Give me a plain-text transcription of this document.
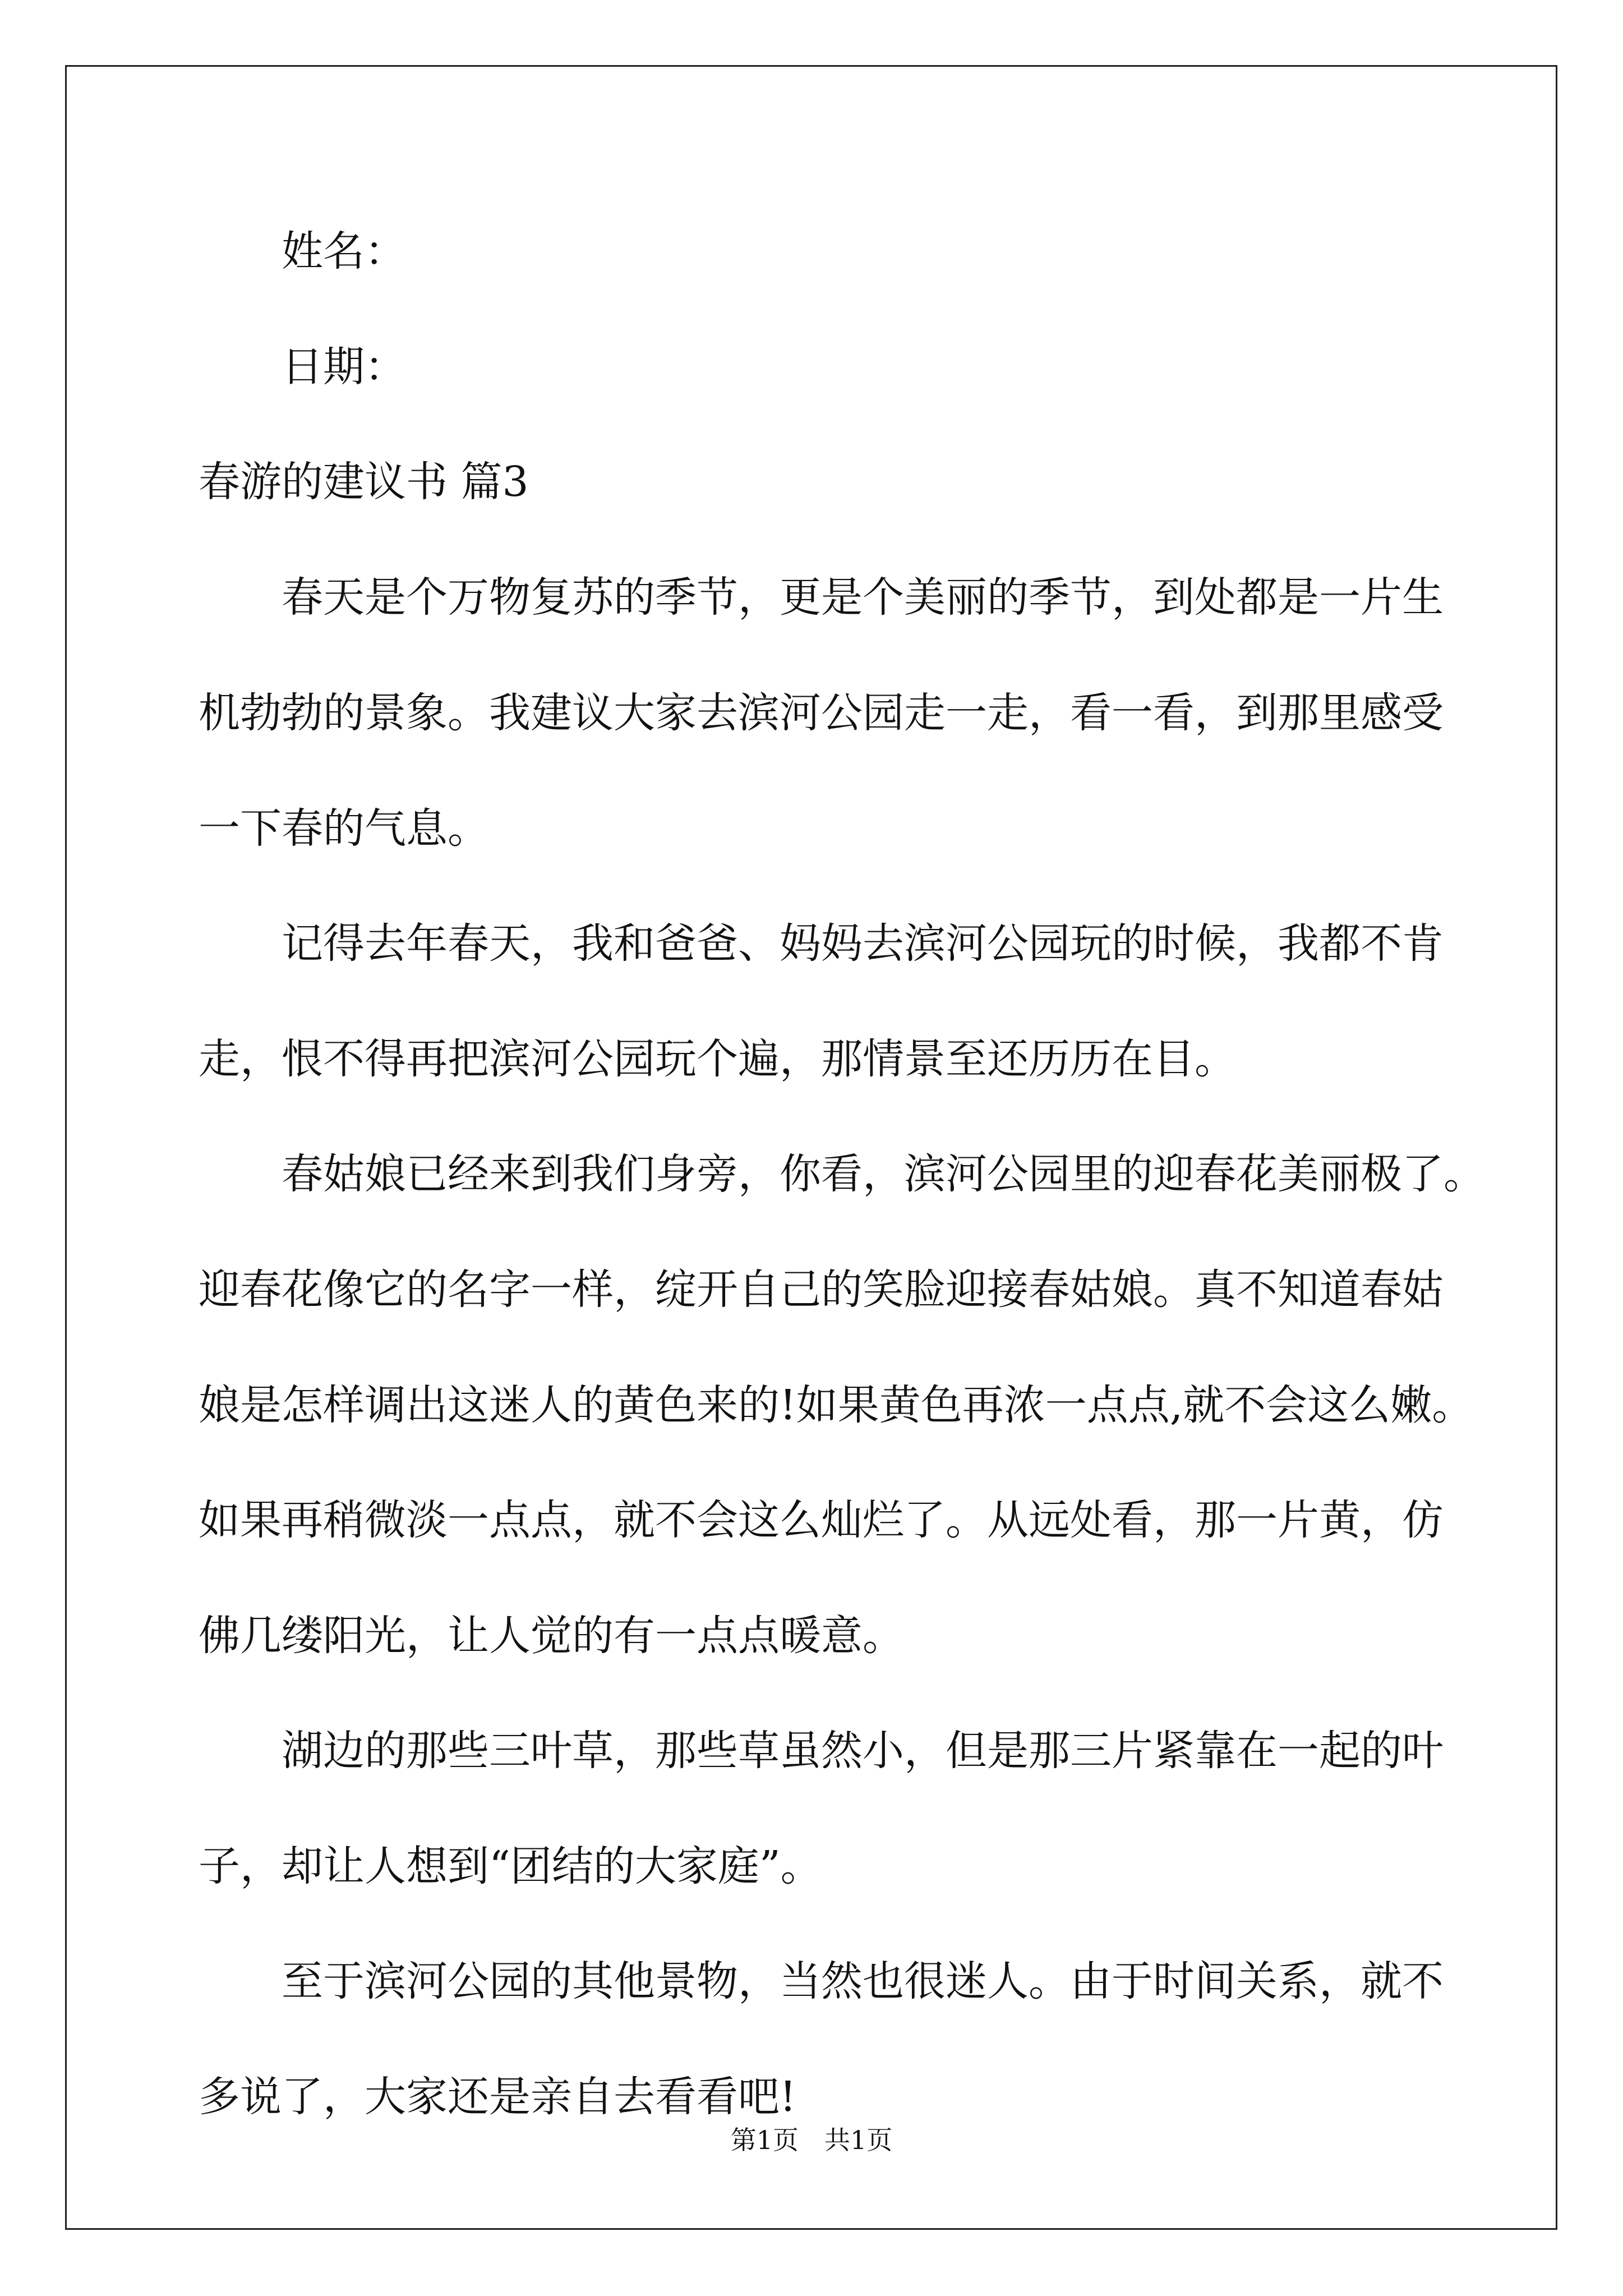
姓名：
日期：
春游的建议书 篇3
春天是个万物复苏的季节，更是个美丽的季节，到处都是一片生
机勃勃的景象。我建议大家去滨河公园走一走，看一看，到那里感受
一下春的气息。
记得去年春天，我和爸爸、妈妈去滨河公园玩的时候，我都不肯
走，恨不得再把滨河公园玩个遍，那情景至还历历在目。
春姑娘已经来到我们身旁，你看，滨河公园里的迎春花美丽极了。
迎春花像它的名字一样，绽开自己的笑脸迎接春姑娘。真不知道春姑
娘是怎样调出这迷人的黄色来的!如果黄色再浓一点点,就不会这么嫩。
如果再稍微淡一点点，就不会这么灿烂了。从远处看，那一片黄，仿
佛几缕阳光，让人觉的有一点点暖意。
湖边的那些三叶草，那些草虽然小，但是那三片紧靠在一起的叶
子，却让人想到“团结的大家庭”。
至于滨河公园的其他景物，当然也很迷人。由于时间关系，就不
多说了，大家还是亲自去看看吧!
第1页　共1页
